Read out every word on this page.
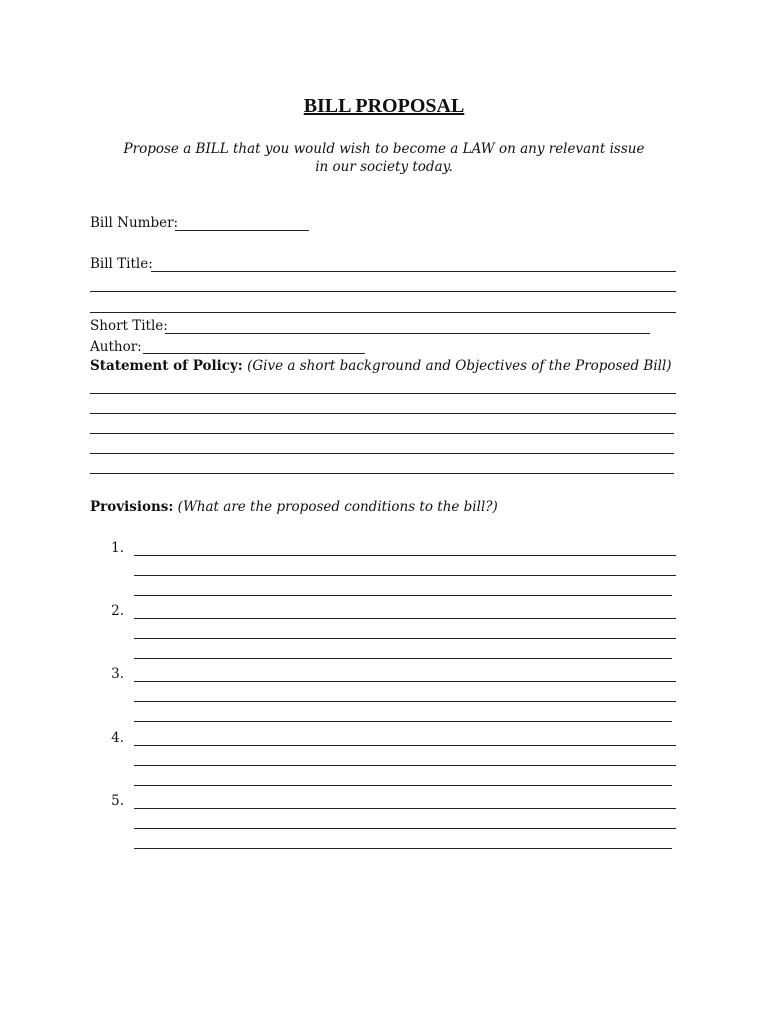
BILL PROPOSAL
Propose a BILL that you would wish to become a LAW on any relevant issue in our society today.
Bill Number:
Bill Title:
Short Title:
Author:
Statement of Policy: (Give a short background and Objectives of the Proposed Bill)
Provisions: (What are the proposed conditions to the bill?)
1.
2.
3.
4.
5.
